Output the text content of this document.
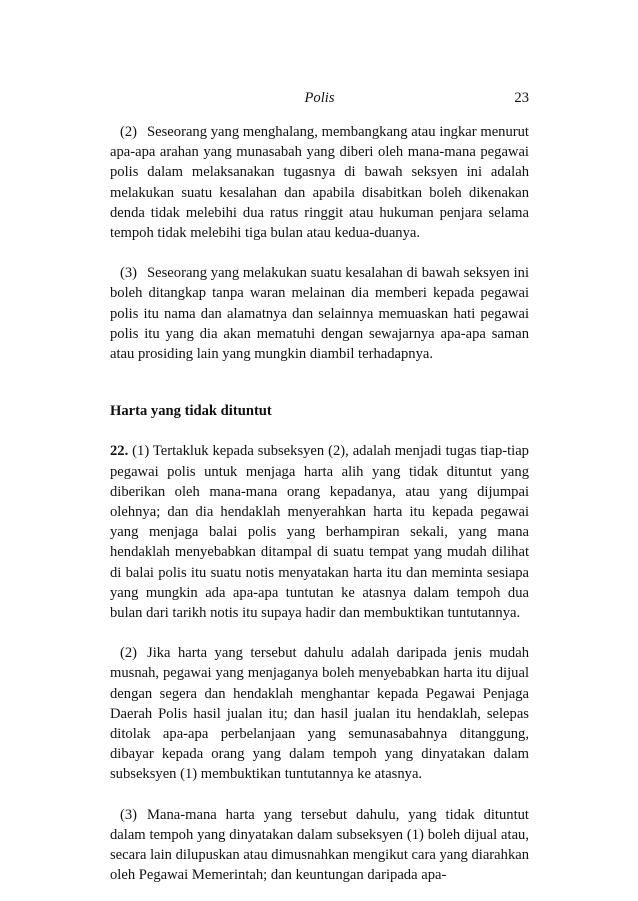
Polis	23

(2) Seseorang yang menghalang, membangkang atau ingkar menurut apa-apa arahan yang munasabah yang diberi oleh mana-mana pegawai polis dalam melaksanakan tugasnya di bawah seksyen ini adalah melakukan suatu kesalahan dan apabila disabitkan boleh dikenakan denda tidak melebihi dua ratus ringgit atau hukuman penjara selama tempoh tidak melebihi tiga bulan atau kedua-duanya.

(3) Seseorang yang melakukan suatu kesalahan di bawah seksyen ini boleh ditangkap tanpa waran melainan dia memberi kepada pegawai polis itu nama dan alamatnya dan selainnya memuaskan hati pegawai polis itu yang dia akan mematuhi dengan sewajarnya apa-apa saman atau prosiding lain yang mungkin diambil terhadapnya.

Harta yang tidak dituntut

22. (1) Tertakluk kepada subseksyen (2), adalah menjadi tugas tiap-tiap pegawai polis untuk menjaga harta alih yang tidak dituntut yang diberikan oleh mana-mana orang kepadanya, atau yang dijumpai olehnya; dan dia hendaklah menyerahkan harta itu kepada pegawai yang menjaga balai polis yang berhampiran sekali, yang mana hendaklah menyebabkan ditampal di suatu tempat yang mudah dilihat di balai polis itu suatu notis menyatakan harta itu dan meminta sesiapa yang mungkin ada apa-apa tuntutan ke atasnya dalam tempoh dua bulan dari tarikh notis itu supaya hadir dan membuktikan tuntutannya.

(2) Jika harta yang tersebut dahulu adalah daripada jenis mudah musnah, pegawai yang menjaganya boleh menyebabkan harta itu dijual dengan segera dan hendaklah menghantar kepada Pegawai Penjaga Daerah Polis hasil jualan itu; dan hasil jualan itu hendaklah, selepas ditolak apa-apa perbelanjaan yang semunasabahnya ditanggung, dibayar kepada orang yang dalam tempoh yang dinyatakan dalam subseksyen (1) membuktikan tuntutannya ke atasnya.

(3) Mana-mana harta yang tersebut dahulu, yang tidak dituntut dalam tempoh yang dinyatakan dalam subseksyen (1) boleh dijual atau, secara lain dilupuskan atau dimusnahkan mengikut cara yang diarahkan oleh Pegawai Memerintah; dan keuntungan daripada apa-
